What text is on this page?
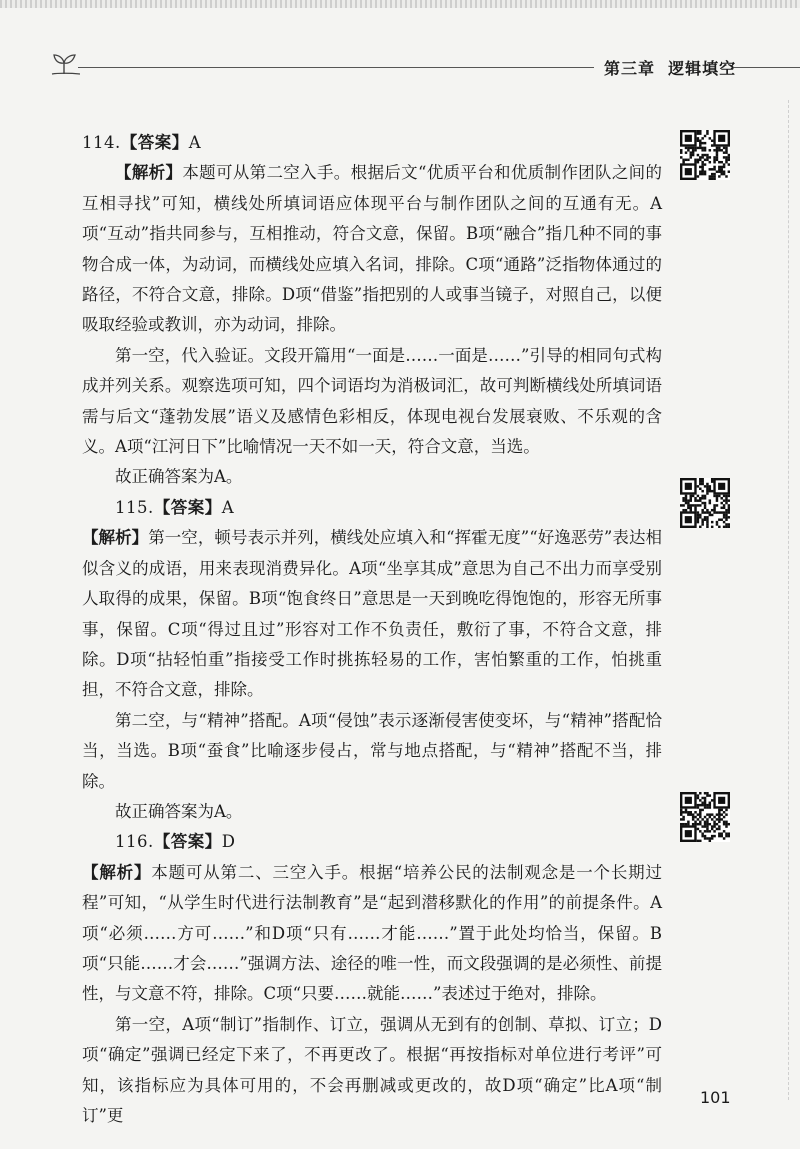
第三章 逻辑填空

114.【答案】A

【解析】本题可从第二空入手。根据后文“优质平台和优质制作团队之间的互相寻找”可知，横线处所填词语应体现平台与制作团队之间的互通有无。A项“互动”指共同参与，互相推动，符合文意，保留。B项“融合”指几种不同的事物合成一体，为动词，而横线处应填入名词，排除。C项“通路”泛指物体通过的路径，不符合文意，排除。D项“借鉴”指把别的人或事当镜子，对照自己，以便吸取经验或教训，亦为动词，排除。

第一空，代入验证。文段开篇用“一面是……一面是……”引导的相同句式构成并列关系。观察选项可知，四个词语均为消极词汇，故可判断横线处所填词语需与后文“蓬勃发展”语义及感情色彩相反，体现电视台发展衰败、不乐观的含义。A项“江河日下”比喻情况一天不如一天，符合文意，当选。

故正确答案为A。

115.【答案】A

【解析】第一空，顿号表示并列，横线处应填入和“挥霍无度”“好逸恶劳”表达相似含义的成语，用来表现消费异化。A项“坐享其成”意思为自己不出力而享受别人取得的成果，保留。B项“饱食终日”意思是一天到晚吃得饱饱的，形容无所事事，保留。C项“得过且过”形容对工作不负责任，敷衍了事，不符合文意，排除。D项“拈轻怕重”指接受工作时挑拣轻易的工作，害怕繁重的工作，怕挑重担，不符合文意，排除。

第二空，与“精神”搭配。A项“侵蚀”表示逐渐侵害使变坏，与“精神”搭配恰当，当选。B项“蚕食”比喻逐步侵占，常与地点搭配，与“精神”搭配不当，排除。

故正确答案为A。

116.【答案】D

【解析】本题可从第二、三空入手。根据“培养公民的法制观念是一个长期过程”可知，“从学生时代进行法制教育”是“起到潜移默化的作用”的前提条件。A项“必须……方可……”和D项“只有……才能……”置于此处均恰当，保留。B项“只能……才会……”强调方法、途径的唯一性，而文段强调的是必须性、前提性，与文意不符，排除。C项“只要……就能……”表述过于绝对，排除。

第一空，A项“制订”指制作、订立，强调从无到有的创制、草拟、订立；D项“确定”强调已经定下来了，不再更改了。根据“再按指标对单位进行考评”可知，该指标应为具体可用的，不会再删减或更改的，故D项“确定”比A项“制订”更

101
